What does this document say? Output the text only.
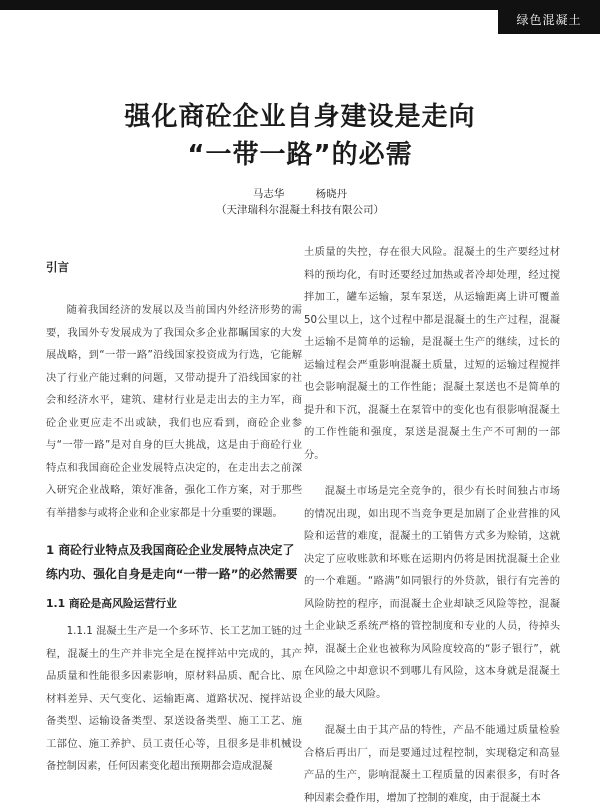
绿色混凝土
强化商砼企业自身建设是走向
“一带一路”的必需
马志华	杨晓丹
（天津瑞科尔混凝土科技有限公司）
引言

随着我国经济的发展以及当前国内外经济形势的需要，我国外专发展成为了我国众多企业都瞩国家的大发展战略，到“一带一路”沿线国家投资成为行选，它能解决了行业产能过剩的问题，又带动提升了沿线国家的社会和经济水平，建筑、建材行业是走出去的主力军，商砼企业更应走不出或缺，我们也应看到，商砼企业参与“一带一路”是对自身的巨大挑战，这是由于商砼行业特点和我国商砼企业发展特点决定的，在走出去之前深入研究企业战略，策好准备，强化工作方案，对于那些有举措参与或将企业和企业家都是十分重要的课题。

1 商砼行业特点及我国商砼企业发展特点决定了练内功、强化自身是走向“一带一路”的必然需要
1.1 商砼是高风险运营行业

1.1.1 混凝土生产是一个多环节、长工艺加工链的过程，混凝土的生产并非完全是在搅拌站中完成的，其产品质量和性能很多因素影响，原材料品质、配合比、原材料差异、天气变化、运输距离、道路状况、搅拌站设备类型、运输设备类型、泵送设备类型、施工工艺、施工部位、施工养护、员工责任心等，且很多是非机械设备控制因素，任何因素变化超出预期都会造成混凝

土质量的失控，存在很大风险。混凝土的生产要经过材料的预均化，有时还要经过加热或者冷却处理，经过搅拌加工，罐车运输，泵车泵送，从运输距离上讲可覆盖50公里以上，这个过程中都是混凝土的生产过程，混凝土运输不是简单的运输，是混凝土生产的继续，过长的运输过程会严重影响混凝土质量，过短的运输过程搅拌也会影响混凝土的工作性能；混凝土泵送也不是简单的提升和下沉，混凝土在泵管中的变化也有很影响混凝土的工作性能和强度，泵送是混凝土生产不可割的一部分。

混凝土市场是完全竞争的，很少有长时间独占市场的情况出现，如出现不当竞争更是加剧了企业营推的风险和运营的难度，混凝土的工销售方式多为赊销，这就决定了应收账款和坏账在运期内仍将是困扰混凝土企业的一个难题。“路满”如同银行的外贷款，银行有完善的风险防控的程序，而混凝土企业却缺乏风险等控，混凝土企业缺乏系统严格的管控制度和专业的人员，待掉头掉，混凝土企业也被称为风险度较高的“影子银行”，就在风险之中却意识不到哪儿有风险，这本身就是混凝土企业的最大风险。

混凝土由于其产品的特性，产品不能通过质量检验合格后再出厂，而是要通过过程控制，实现稳定和高显产品的生产，影响混凝土工程质量的因素很多，有时各种因素会叠作用，增加了控制的难度，由于混凝土本
